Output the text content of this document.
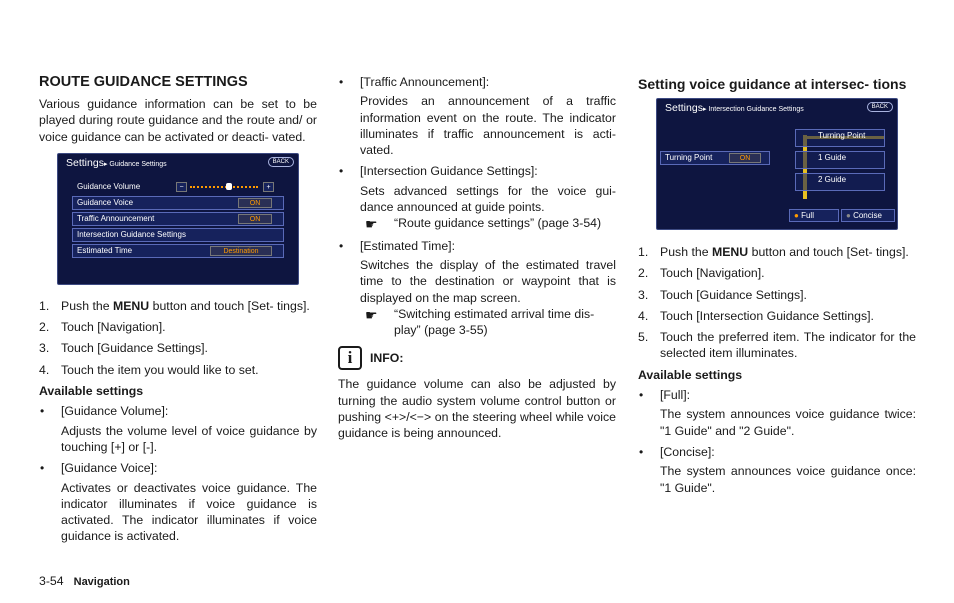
ROUTE GUIDANCE SETTINGS

Various guidance information can be set to be played during route guidance and the route and/ or voice guidance can be activated or deacti- vated.

Settings▸ Guidance Settings	BACK
Guidance Volume	−	+
Guidance Voice	ON
Traffic Announcement	ON
Intersection Guidance Settings
Estimated Time	Destination
1. Push the MENU button and touch [Set- tings].
2. Touch [Navigation].
3. Touch [Guidance Settings].
4. Touch the item you would like to set.
Available settings
• [Guidance Volume]:
Adjusts the volume level of voice guidance by touching [+] or [-].
• [Guidance Voice]:
Activates or deactivates voice guidance. The indicator illuminates if voice guidance is activated. The indicator illuminates if voice guidance is activated.
• [Traffic Announcement]:
Provides an announcement of a traffic information event on the route. The indicator illuminates if traffic announcement is acti- vated.
• [Intersection Guidance Settings]:
Sets advanced settings for the voice gui- dance announced at guide points.
☛ “Route guidance settings” (page 3-54)
• [Estimated Time]:
Switches the display of the estimated travel time to the destination or waypoint that is displayed on the map screen.
☛ “Switching estimated arrival time dis- play” (page 3-55)
i	INFO:

The guidance volume can also be adjusted by turning the audio system volume control button or pushing <+>/<−> on the steering wheel while voice guidance is being announced.

Setting voice guidance at intersec- tions
Settings▸ Intersection Guidance Settings	BACK
Turning Point	ON
Turning Point
1 Guide
2 Guide
● Full	● Concise
1. Push the MENU button and touch [Set- tings].
2. Touch [Navigation].
3. Touch [Guidance Settings].
4. Touch [Intersection Guidance Settings].
5. Touch the preferred item. The indicator for the selected item illuminates.
Available settings
• [Full]:
The system announces voice guidance twice: "1 Guide" and "2 Guide".
• [Concise]:
The system announces voice guidance once: "1 Guide".
3-54 Navigation
